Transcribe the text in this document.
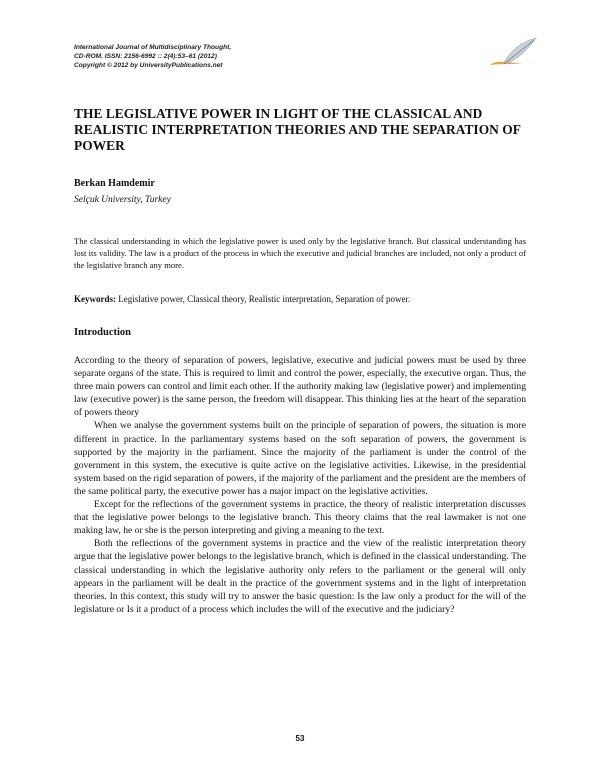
International Journal of Multidisciplinary Thought,
CD-ROM. ISSN: 2156-6992 :: 2(4):53–61 (2012)
Copyright © 2012 by UniversityPublications.net
THE LEGISLATIVE POWER IN LIGHT OF THE CLASSICAL AND REALISTIC INTERPRETATION THEORIES AND THE SEPARATION OF POWER

Berkan Hamdemir

Selçuk University, Turkey

The classical understanding in which the legislative power is used only by the legislative branch. But classical understanding has lost its validity. The law is a product of the process in which the executive and judicial branches are included, not only a product of the legislative branch any more.

Keywords: Legislative power, Classical theory, Realistic interpretation, Separation of power.

Introduction

According to the theory of separation of powers, legislative, executive and judicial powers must be used by three separate organs of the state. This is required to limit and control the power, especially, the executive organ. Thus, the three main powers can control and limit each other. If the authority making law (legislative power) and implementing law (executive power) is the same person, the freedom will disappear. This thinking lies at the heart of the separation of powers theory

When we analyse the government systems built on the principle of separation of powers, the situation is more different in practice. In the parliamentary systems based on the soft separation of powers, the government is supported by the majority in the parliament. Since the majority of the parliament is under the control of the government in this system, the executive is quite active on the legislative activities. Likewise, in the presidential system based on the rigid separation of powers, if the majority of the parliament and the president are the members of the same political party, the executive power has a major impact on the legislative activities.

Except for the reflections of the government systems in practice, the theory of realistic interpretation discusses that the legislative power belongs to the legislative branch. This theory claims that the real lawmaker is not one making law, he or she is the person interpreting and giving a meaning to the text.

Both the reflections of the government systems in practice and the view of the realistic interpretation theory argue that the legislative power belongs to the legislative branch, which is defined in the classical understanding. The classical understanding in which the legislative authority only refers to the parliament or the general will only appears in the parliament will be dealt in the practice of the government systems and in the light of interpretation theories. In this context, this study will try to answer the basic question: Is the law only a product for the will of the legislature or Is it a product of a process which includes the will of the executive and the judiciary?

53
